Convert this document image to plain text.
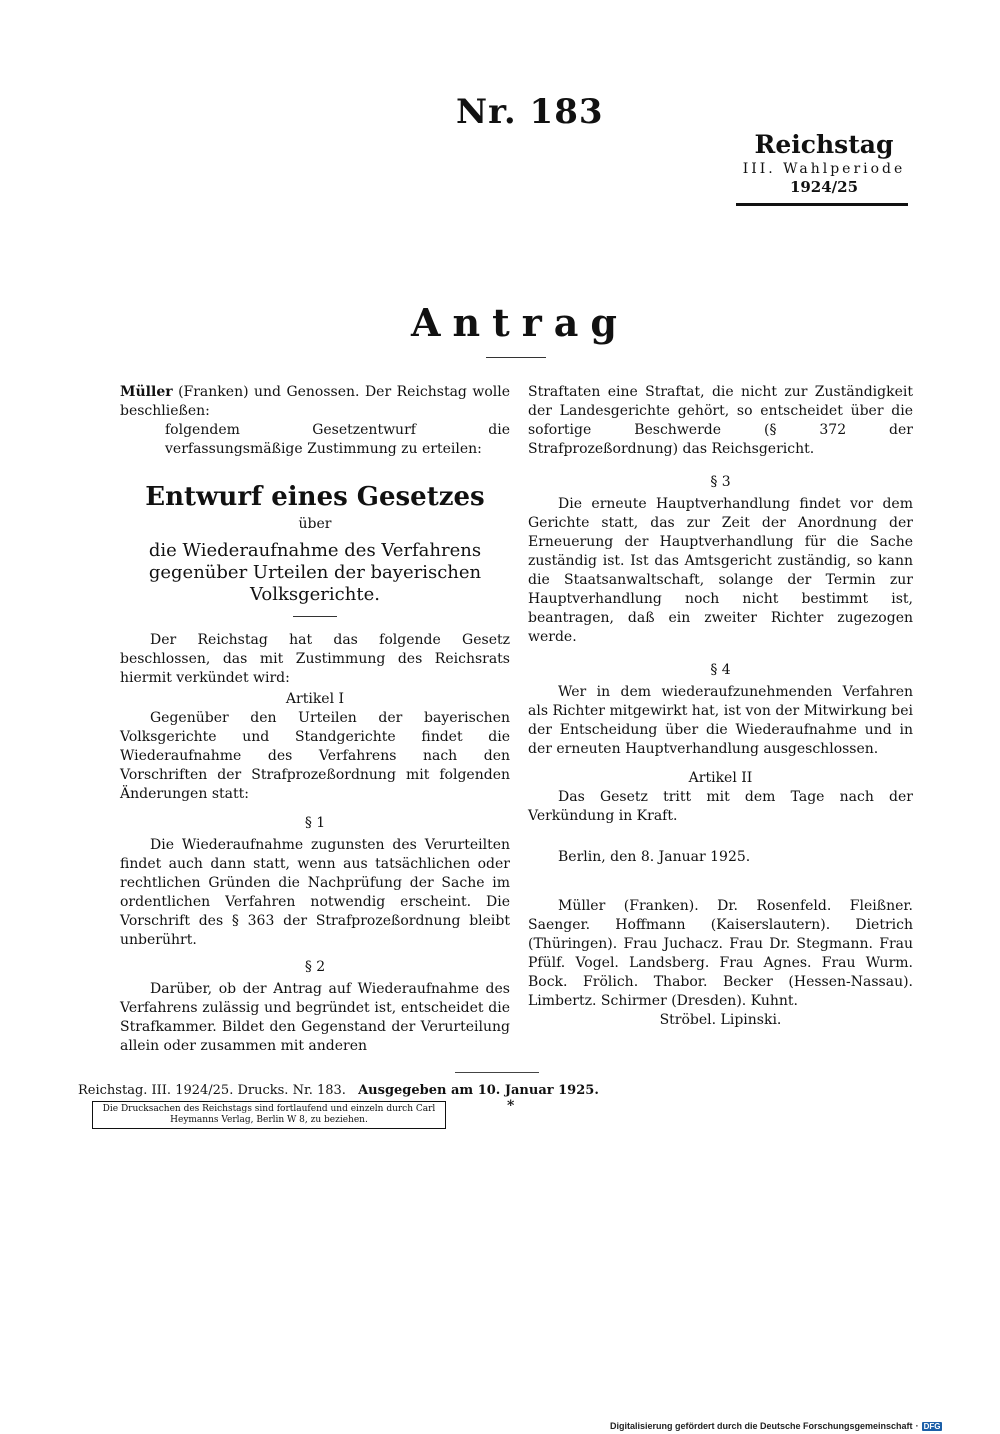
Nr. 183
Reichstag
III. Wahlperiode
1924/25
Antrag

Müller (Franken) und Genossen. Der Reichstag wolle beschließen:

folgendem Gesetzentwurf die verfassungsmäßige Zustimmung zu erteilen:

Entwurf eines Gesetzes
über
die Wiederaufnahme des Verfahrens gegenüber Urteilen der bayerischen Volksgerichte.

Der Reichstag hat das folgende Gesetz beschlossen, das mit Zustimmung des Reichsrats hiermit verkündet wird:

Artikel I

Gegenüber den Urteilen der bayerischen Volksgerichte und Standgerichte findet die Wiederaufnahme des Verfahrens nach den Vorschriften der Strafprozeßordnung mit folgenden Änderungen statt:

§ 1

Die Wiederaufnahme zugunsten des Verurteilten findet auch dann statt, wenn aus tatsächlichen oder rechtlichen Gründen die Nachprüfung der Sache im ordentlichen Verfahren notwendig erscheint. Die Vorschrift des § 363 der Strafprozeßordnung bleibt unberührt.

§ 2

Darüber, ob der Antrag auf Wiederaufnahme des Verfahrens zulässig und begründet ist, entscheidet die Strafkammer. Bildet den Gegenstand der Verurteilung allein oder zusammen mit anderen

Straftaten eine Straftat, die nicht zur Zuständigkeit der Landesgerichte gehört, so entscheidet über die sofortige Beschwerde (§ 372 der Strafprozeßordnung) das Reichsgericht.

§ 3

Die erneute Hauptverhandlung findet vor dem Gerichte statt, das zur Zeit der Anordnung der Erneuerung der Hauptverhandlung für die Sache zuständig ist. Ist das Amtsgericht zuständig, so kann die Staatsanwaltschaft, solange der Termin zur Hauptverhandlung noch nicht bestimmt ist, beantragen, daß ein zweiter Richter zugezogen werde.

§ 4

Wer in dem wiederaufzunehmenden Verfahren als Richter mitgewirkt hat, ist von der Mitwirkung bei der Entscheidung über die Wiederaufnahme und in der erneuten Hauptverhandlung ausgeschlossen.

Artikel II

Das Gesetz tritt mit dem Tage nach der Verkündung in Kraft.

Berlin, den 8. Januar 1925.

Müller (Franken). Dr. Rosenfeld. Fleißner. Saenger. Hoffmann (Kaiserslautern). Dietrich (Thüringen). Frau Juchacz. Frau Dr. Stegmann. Frau Pfülf. Vogel. Landsberg. Frau Agnes. Frau Wurm. Bock. Frölich. Thabor. Becker (Hessen-Nassau). Limbertz. Schirmer (Dresden). Kuhnt.

Ströbel. Lipinski.

Reichstag. III. 1924/25. Drucks. Nr. 183. Ausgegeben am 10. Januar 1925.
Die Drucksachen des Reichstags sind fortlaufend und einzeln durch Carl Heymanns Verlag, Berlin W 8, zu beziehen.
*
Digitalisierung gefördert durch die Deutsche Forschungsgemeinschaft · DFG
